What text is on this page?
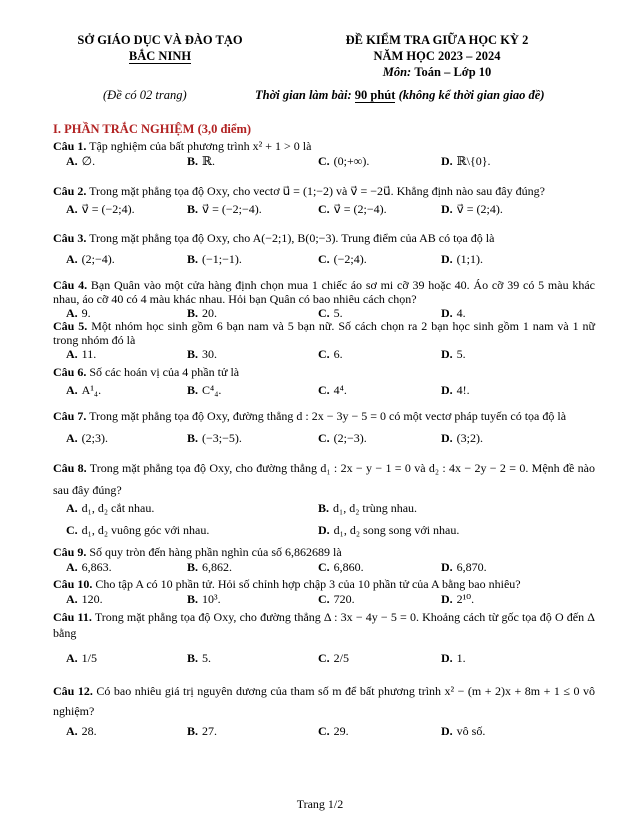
SỞ GIÁO DỤC VÀ ĐÀO TẠO
BẮC NINH
ĐỀ KIỂM TRA GIỮA HỌC KỲ 2
NĂM HỌC 2023 – 2024
Môn: Toán – Lớp 10
(Đề có 02 trang)	Thời gian làm bài: 90 phút (không kể thời gian giao đề)
I. PHẦN TRẮC NGHIỆM (3,0 điểm)
Câu 1. Tập nghiệm của bất phương trình x² + 1 > 0 là
A. ∅.	B. ℝ.	C. (0;+∞).	D. ℝ\{0}.
Câu 2. Trong mặt phẳng tọa độ Oxy, cho vectơ u⃗ = (1;−2) và v⃗ = −2u⃗. Khẳng định nào sau đây đúng?
A. v⃗ = (−2;4).	B. v⃗ = (−2;−4).	C. v⃗ = (2;−4).	D. v⃗ = (2;4).
Câu 3. Trong mặt phẳng tọa độ Oxy, cho A(−2;1), B(0;−3). Trung điểm của AB có tọa độ là
A. (2;−4).	B. (−1;−1).	C. (−2;4).	D. (1;1).
Câu 4. Bạn Quân vào một cửa hàng định chọn mua 1 chiếc áo sơ mi cỡ 39 hoặc 40. Áo cỡ 39 có 5 màu khác nhau, áo cỡ 40 có 4 màu khác nhau. Hỏi bạn Quân có bao nhiêu cách chọn?
A. 9.	B. 20.	C. 5.	D. 4.
Câu 5. Một nhóm học sinh gồm 6 bạn nam và 5 bạn nữ. Số cách chọn ra 2 bạn học sinh gồm 1 nam và 1 nữ trong nhóm đó là
A. 11.	B. 30.	C. 6.	D. 5.
Câu 6. Số các hoán vị của 4 phần tử là
A. A¹₄.	B. C⁴₄.	C. 4⁴.	D. 4!.
Câu 7. Trong mặt phẳng tọa độ Oxy, đường thẳng d : 2x − 3y − 5 = 0 có một vectơ pháp tuyến có tọa độ là
A. (2;3).	B. (−3;−5).	C. (2;−3).	D. (3;2).
Câu 8. Trong mặt phẳng tọa độ Oxy, cho đường thẳng d₁ : 2x − y − 1 = 0 và d₂ : 4x − 2y − 2 = 0. Mệnh đề nào sau đây đúng?
A. d₁, d₂ cắt nhau.	B. d₁, d₂ trùng nhau.
C. d₁, d₂ vuông góc với nhau.	D. d₁, d₂ song song với nhau.
Câu 9. Số quy tròn đến hàng phần nghìn của số 6,862689 là
A. 6,863.	B. 6,862.	C. 6,860.	D. 6,870.
Câu 10. Cho tập A có 10 phần tử. Hỏi số chỉnh hợp chập 3 của 10 phần tử của A bằng bao nhiêu?
A. 120.	B. 10³.	C. 720.	D. 2¹⁰.
Câu 11. Trong mặt phẳng tọa độ Oxy, cho đường thẳng Δ : 3x − 4y − 5 = 0. Khoảng cách từ gốc tọa độ O đến Δ bằng
A. 1/5	B. 5.	C. 2/5	D. 1.
Câu 12. Có bao nhiêu giá trị nguyên dương của tham số m để bất phương trình x² − (m + 2)x + 8m + 1 ≤ 0 vô nghiệm?
A. 28.	B. 27.	C. 29.	D. vô số.
Trang 1/2
